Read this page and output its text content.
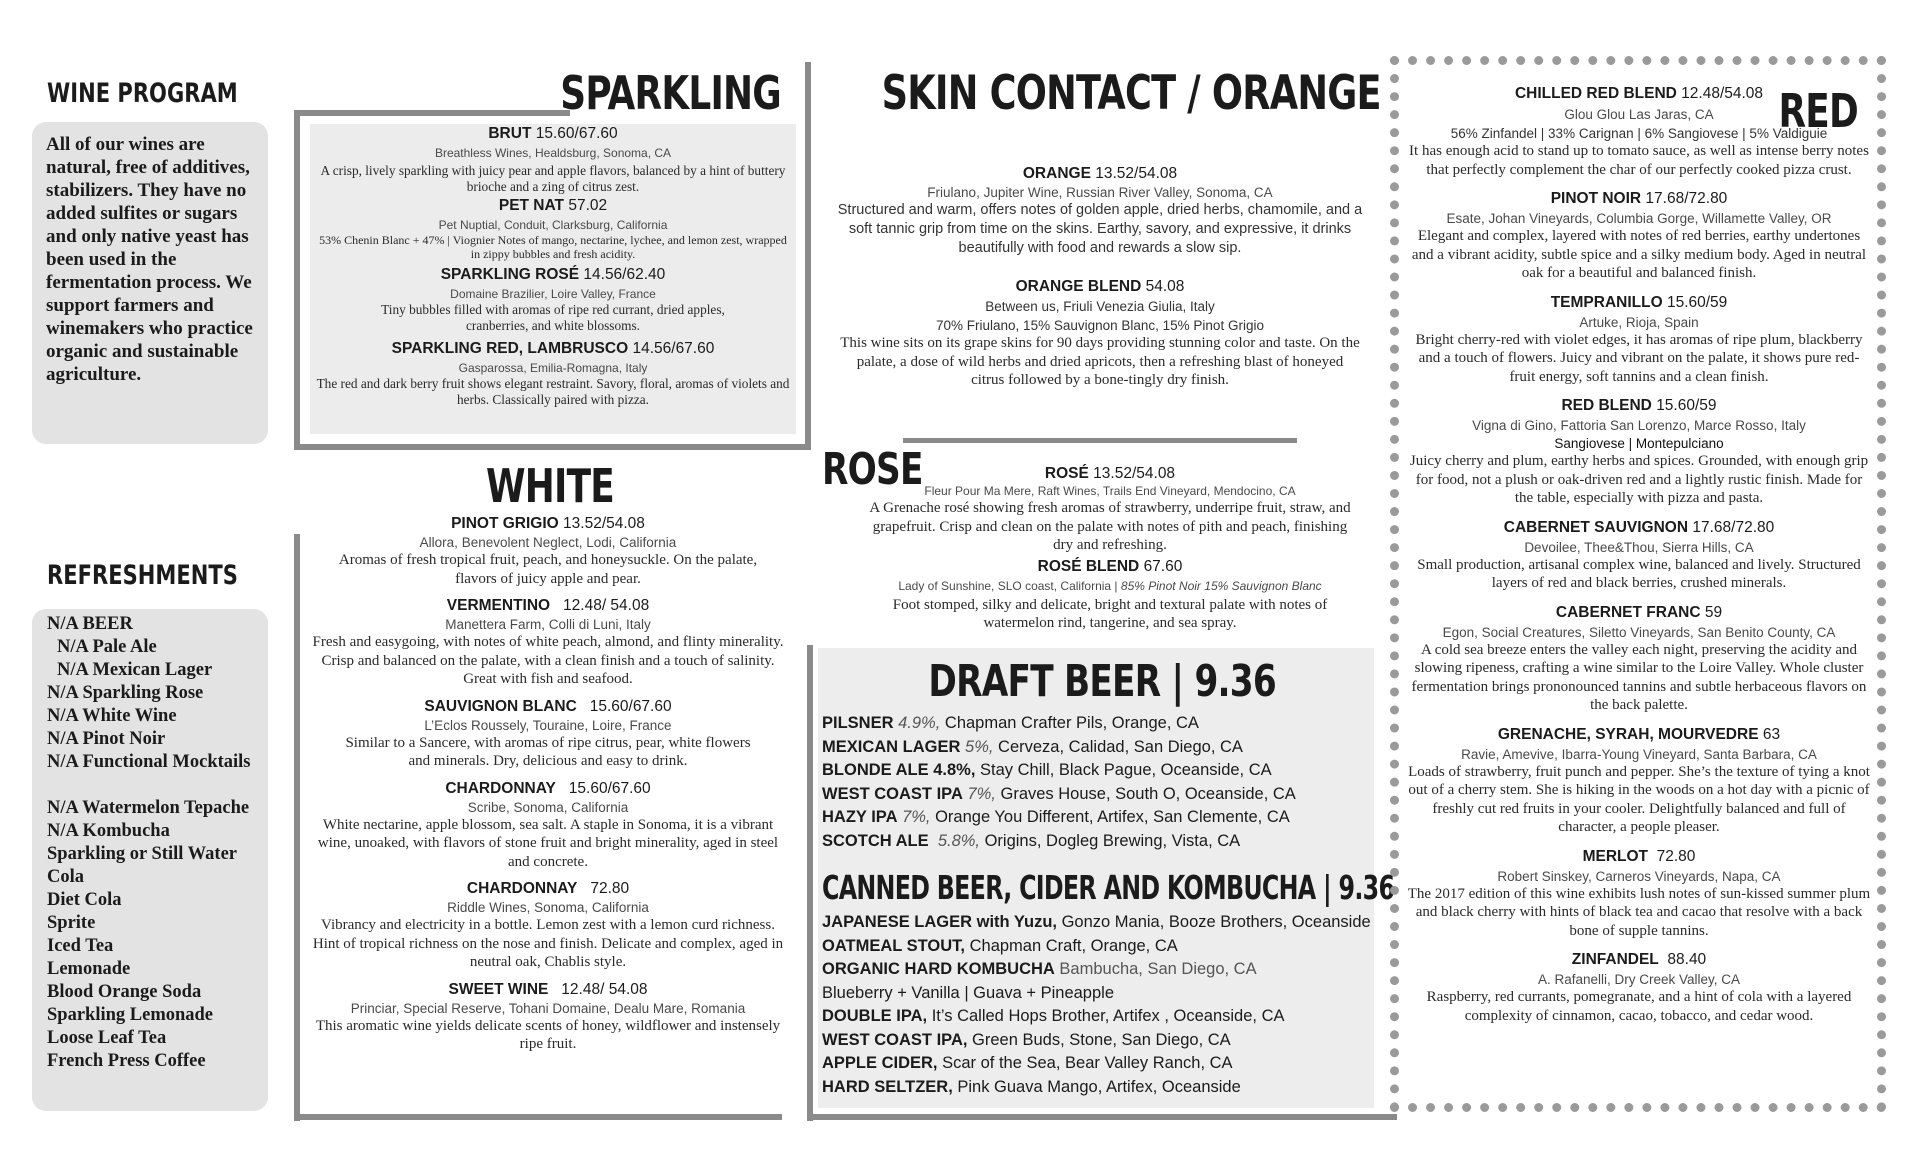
WINE PROGRAM
All of our wines are natural, free of additives, stabilizers. They have no added sulfites or sugars and only native yeast has been used in the fermentation process. We support farmers and winemakers who practice organic and sustainable agriculture.
REFRESHMENTS
N/A BEER
N/A Pale Ale
N/A Mexican Lager
N/A Sparkling Rose
N/A White Wine
N/A Pinot Noir
N/A Functional Mocktails
N/A Watermelon Tepache
N/A Kombucha
Sparkling or Still Water
Cola
Diet Cola
Sprite
Iced Tea
Lemonade
Blood Orange Soda
Sparkling Lemonade
Loose Leaf Tea
French Press Coffee
SPARKLING
BRUT 15.60/67.60
Breathless Wines, Healdsburg, Sonoma, CA
A crisp, lively sparkling with juicy pear and apple flavors, balanced by a hint of buttery brioche and a zing of citrus zest.
PET NAT 57.02
Pet Nuptial, Conduit, Clarksburg, California
53% Chenin Blanc + 47% | Viognier Notes of mango, nectarine, lychee, and lemon zest, wrapped in zippy bubbles and fresh acidity.
SPARKLING ROSÉ 14.56/62.40
Domaine Brazilier, Loire Valley, France
Tiny bubbles filled with aromas of ripe red currant, dried apples, cranberries, and white blossoms.
SPARKLING RED, LAMBRUSCO 14.56/67.60
Gasparossa, Emilia-Romagna, Italy
The red and dark berry fruit shows elegant restraint. Savory, floral, aromas of violets and herbs. Classically paired with pizza.
WHITE
PINOT GRIGIO 13.52/54.08
Allora, Benevolent Neglect, Lodi, California
Aromas of fresh tropical fruit, peach, and honeysuckle. On the palate, flavors of juicy apple and pear.
VERMENTINO 12.48/ 54.08
Manettera Farm, Colli di Luni, Italy
Fresh and easygoing, with notes of white peach, almond, and flinty minerality. Crisp and balanced on the palate, with a clean finish and a touch of salinity. Great with fish and seafood.
SAUVIGNON BLANC 15.60/67.60
L’Eclos Roussely, Touraine, Loire, France
Similar to a Sancere, with aromas of ripe citrus, pear, white flowers and minerals. Dry, delicious and easy to drink.
CHARDONNAY 15.60/67.60
Scribe, Sonoma, California
White nectarine, apple blossom, sea salt. A staple in Sonoma, it is a vibrant wine, unoaked, with flavors of stone fruit and bright minerality, aged in steel and concrete.
CHARDONNAY 72.80
Riddle Wines, Sonoma, California
Vibrancy and electricity in a bottle. Lemon zest with a lemon curd richness. Hint of tropical richness on the nose and finish. Delicate and complex, aged in neutral oak, Chablis style.
SWEET WINE 12.48/ 54.08
Princiar, Special Reserve, Tohani Domaine, Dealu Mare, Romania
This aromatic wine yields delicate scents of honey, wildflower and instensely ripe fruit.
SKIN CONTACT / ORANGE
ORANGE 13.52/54.08
Friulano, Jupiter Wine, Russian River Valley, Sonoma, CA
Structured and warm, offers notes of golden apple, dried herbs, chamomile, and a soft tannic grip from time on the skins. Earthy, savory, and expressive, it drinks beautifully with food and rewards a slow sip.
ORANGE BLEND 54.08
Between us, Friuli Venezia Giulia, Italy
70% Friulano, 15% Sauvignon Blanc, 15% Pinot Grigio
This wine sits on its grape skins for 90 days providing stunning color and taste. On the palate, a dose of wild herbs and dried apricots, then a refreshing blast of honeyed citrus followed by a bone-tingly dry finish.
ROSE	ROSÉ 13.52/54.08
Fleur Pour Ma Mere, Raft Wines, Trails End Vineyard, Mendocino, CA
A Grenache rosé showing fresh aromas of strawberry, underripe fruit, straw, and grapefruit. Crisp and clean on the palate with notes of pith and peach, finishing dry and refreshing.
ROSÉ BLEND 67.60
Lady of Sunshine, SLO coast, California | 85% Pinot Noir 15% Sauvignon Blanc
Foot stomped, silky and delicate, bright and textural palate with notes of watermelon rind, tangerine, and sea spray.
DRAFT BEER | 9.36
PILSNER 4.9%, Chapman Crafter Pils, Orange, CA
MEXICAN LAGER 5%, Cerveza, Calidad, San Diego, CA
BLONDE ALE 4.8%, Stay Chill, Black Pague, Oceanside, CA
WEST COAST IPA 7%, Graves House, South O, Oceanside, CA
HAZY IPA 7%, Orange You Different, Artifex, San Clemente, CA
SCOTCH ALE 5.8%, Origins, Dogleg Brewing, Vista, CA
CANNED BEER, CIDER AND KOMBUCHA | 9.36
JAPANESE LAGER with Yuzu, Gonzo Mania, Booze Brothers, Oceanside
OATMEAL STOUT, Chapman Craft, Orange, CA
ORGANIC HARD KOMBUCHA Bambucha, San Diego, CA
Blueberry + Vanilla | Guava + Pineapple
DOUBLE IPA, It’s Called Hops Brother, Artifex , Oceanside, CA
WEST COAST IPA, Green Buds, Stone, San Diego, CA
APPLE CIDER, Scar of the Sea, Bear Valley Ranch, CA
HARD SELTZER, Pink Guava Mango, Artifex, Oceanside
RED
CHILLED RED BLEND 12.48/54.08
Glou Glou Las Jaras, CA
56% Zinfandel | 33% Carignan | 6% Sangiovese | 5% Valdiguie
It has enough acid to stand up to tomato sauce, as well as intense berry notes that perfectly complement the char of our perfectly cooked pizza crust.
PINOT NOIR 17.68/72.80
Esate, Johan Vineyards, Columbia Gorge, Willamette Valley, OR
Elegant and complex, layered with notes of red berries, earthy undertones and a vibrant acidity, subtle spice and a silky medium body. Aged in neutral oak for a beautiful and balanced finish.
TEMPRANILLO 15.60/59
Artuke, Rioja, Spain
Bright cherry-red with violet edges, it has aromas of ripe plum, blackberry and a touch of flowers. Juicy and vibrant on the palate, it shows pure red-fruit energy, soft tannins and a clean finish.
RED BLEND 15.60/59
Vigna di Gino, Fattoria San Lorenzo, Marce Rosso, Italy
Sangiovese | Montepulciano
Juicy cherry and plum, earthy herbs and spices. Grounded, with enough grip for food, not a plush or oak-driven red and a lightly rustic finish. Made for the table, especially with pizza and pasta.
CABERNET SAUVIGNON 17.68/72.80
Devoilee, Thee&Thou, Sierra Hills, CA
Small production, artisanal complex wine, balanced and lively. Structured layers of red and black berries, crushed minerals.
CABERNET FRANC 59
Egon, Social Creatures, Siletto Vineyards, San Benito County, CA
A cold sea breeze enters the valley each night, preserving the acidity and slowing ripeness, crafting a wine similar to the Loire Valley. Whole cluster fermentation brings prononounced tannins and subtle herbaceous flavors on the back palette.
GRENACHE, SYRAH, MOURVEDRE 63
Ravie, Amevive, Ibarra-Young Vineyard, Santa Barbara, CA
Loads of strawberry, fruit punch and pepper. She’s the texture of tying a knot out of a cherry stem. She is hiking in the woods on a hot day with a picnic of freshly cut red fruits in your cooler. Delightfully balanced and full of character, a people pleaser.
MERLOT 72.80
Robert Sinskey, Carneros Vineyards, Napa, CA
The 2017 edition of this wine exhibits lush notes of sun-kissed summer plum and black cherry with hints of black tea and cacao that resolve with a back bone of supple tannins.
ZINFANDEL 88.40
A. Rafanelli, Dry Creek Valley, CA
Raspberry, red currants, pomegranate, and a hint of cola with a layered complexity of cinnamon, cacao, tobacco, and cedar wood.
